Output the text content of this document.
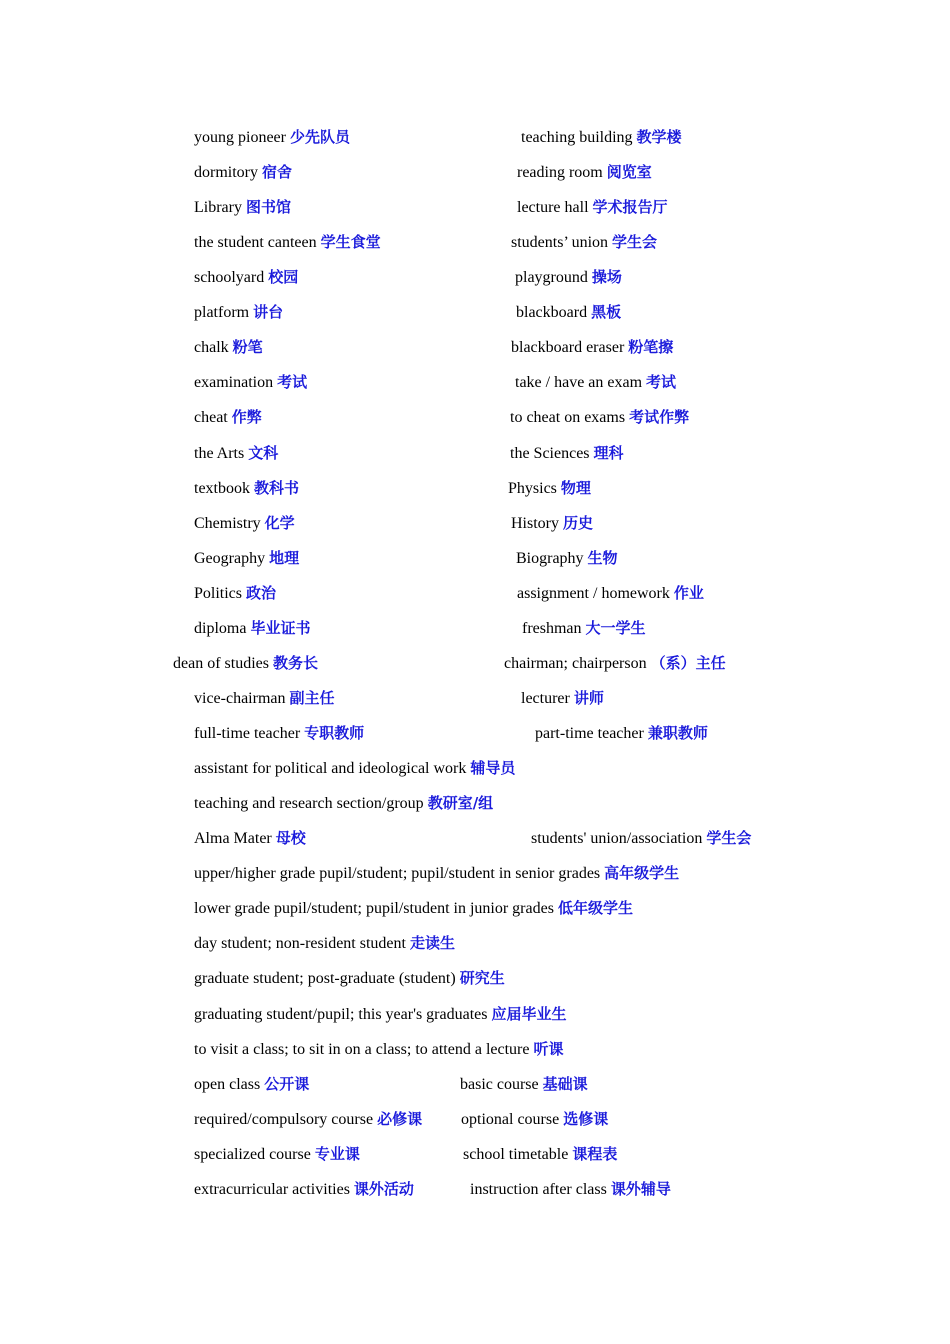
young pioneer 少先队员	teaching building 教学楼
dormitory 宿舍	reading room 阅览室
Library 图书馆	lecture hall 学术报告厅
the student canteen 学生食堂	students’ union 学生会
schoolyard 校园	playground 操场
platform 讲台	blackboard 黑板
chalk 粉笔	blackboard eraser 粉笔擦
examination 考试	take / have an exam 考试
cheat 作弊	to cheat on exams 考试作弊
the Arts 文科	the Sciences 理科
textbook 教科书	Physics 物理
Chemistry 化学	History 历史
Geography 地理	Biography 生物
Politics 政治	assignment / homework 作业
diploma 毕业证书	freshman 大一学生
dean of studies 教务长	chairman; chairperson （系）主任
vice-chairman 副主任	lecturer 讲师
full-time teacher 专职教师	part-time teacher 兼职教师
assistant for political and ideological work 辅导员
teaching and research section/group 教研室/组
Alma Mater 母校	students' union/association 学生会
upper/higher grade pupil/student; pupil/student in senior grades 高年级学生
lower grade pupil/student; pupil/student in junior grades 低年级学生
day student; non-resident student 走读生
graduate student; post-graduate (student) 研究生
graduating student/pupil; this year's graduates 应届毕业生
to visit a class; to sit in on a class; to attend a lecture 听课
open class 公开课	basic course 基础课
required/compulsory course 必修课 optional course 选修课
specialized course 专业课	school timetable 课程表
extracurricular activities 课外活动	instruction after class 课外辅导
